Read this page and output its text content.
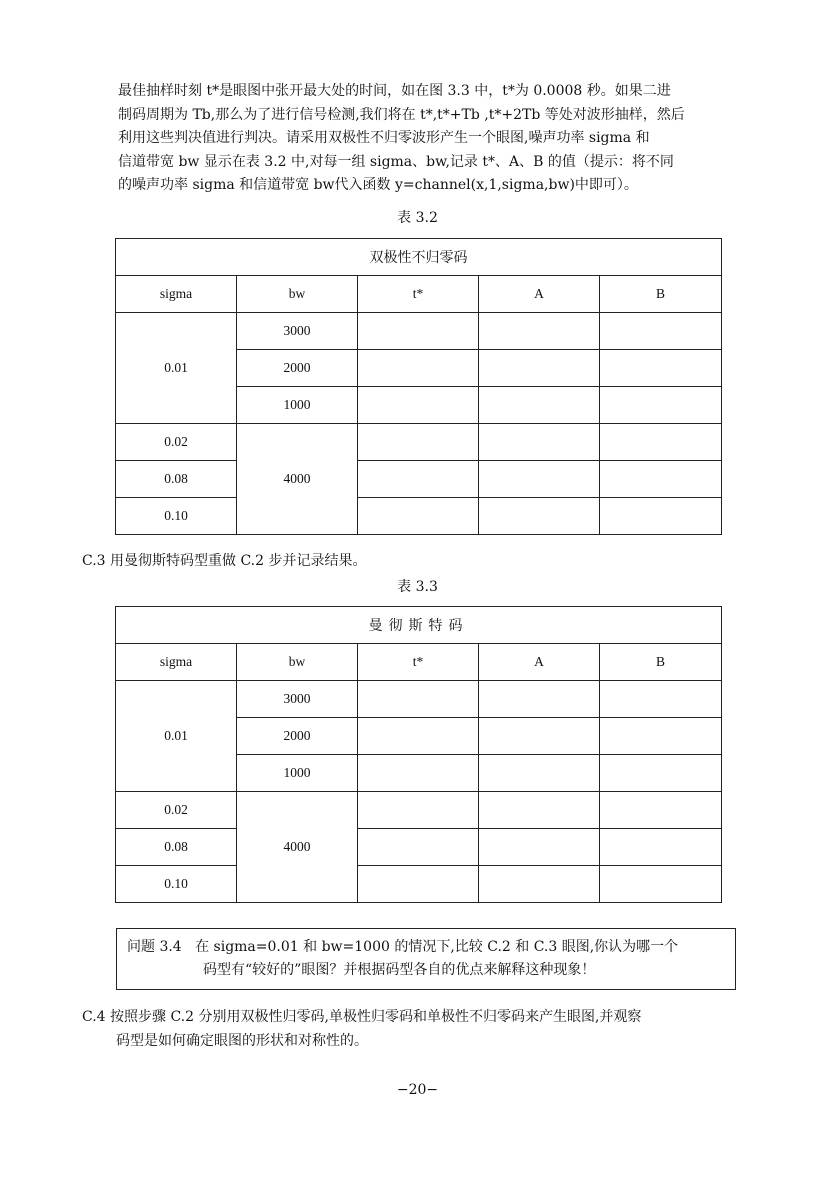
最佳抽样时刻 t*是眼图中张开最大处的时间，如在图 3.3 中，t*为 0.0008 秒。如果二进
制码周期为 Tb,那么为了进行信号检测,我们将在 t*,t*+Tb ,t*+2Tb 等处对波形抽样，然后
利用这些判决值进行判决。请采用双极性不归零波形产生一个眼图,噪声功率 sigma 和
信道带宽 bw 显示在表 3.2 中,对每一组 sigma、bw,记录 t*、A、B 的值（提示：将不同
的噪声功率 sigma 和信道带宽 bw代入函数 y=channel(x,1,sigma,bw)中即可）。
表 3.2
双极性不归零码				
sigma	bw	t*	A	B
0.01	3000			
	2000			
	1000			
0.02	4000			
0.08				
0.10				
C.3 用曼彻斯特码型重做 C.2 步并记录结果。
表 3.3
曼彻斯特码				
sigma	bw	t*	A	B
0.01	3000			
	2000			
	1000			
0.02	4000			
0.08				
0.10				
问题 3.4 在 sigma=0.01 和 bw=1000 的情况下,比较 C.2 和 C.3 眼图,你认为哪一个
码型有“较好的”眼图？并根据码型各自的优点来解释这种现象！
C.4 按照步骤 C.2 分别用双极性归零码,单极性归零码和单极性不归零码来产生眼图,并观察
码型是如何确定眼图的形状和对称性的。
−20−
